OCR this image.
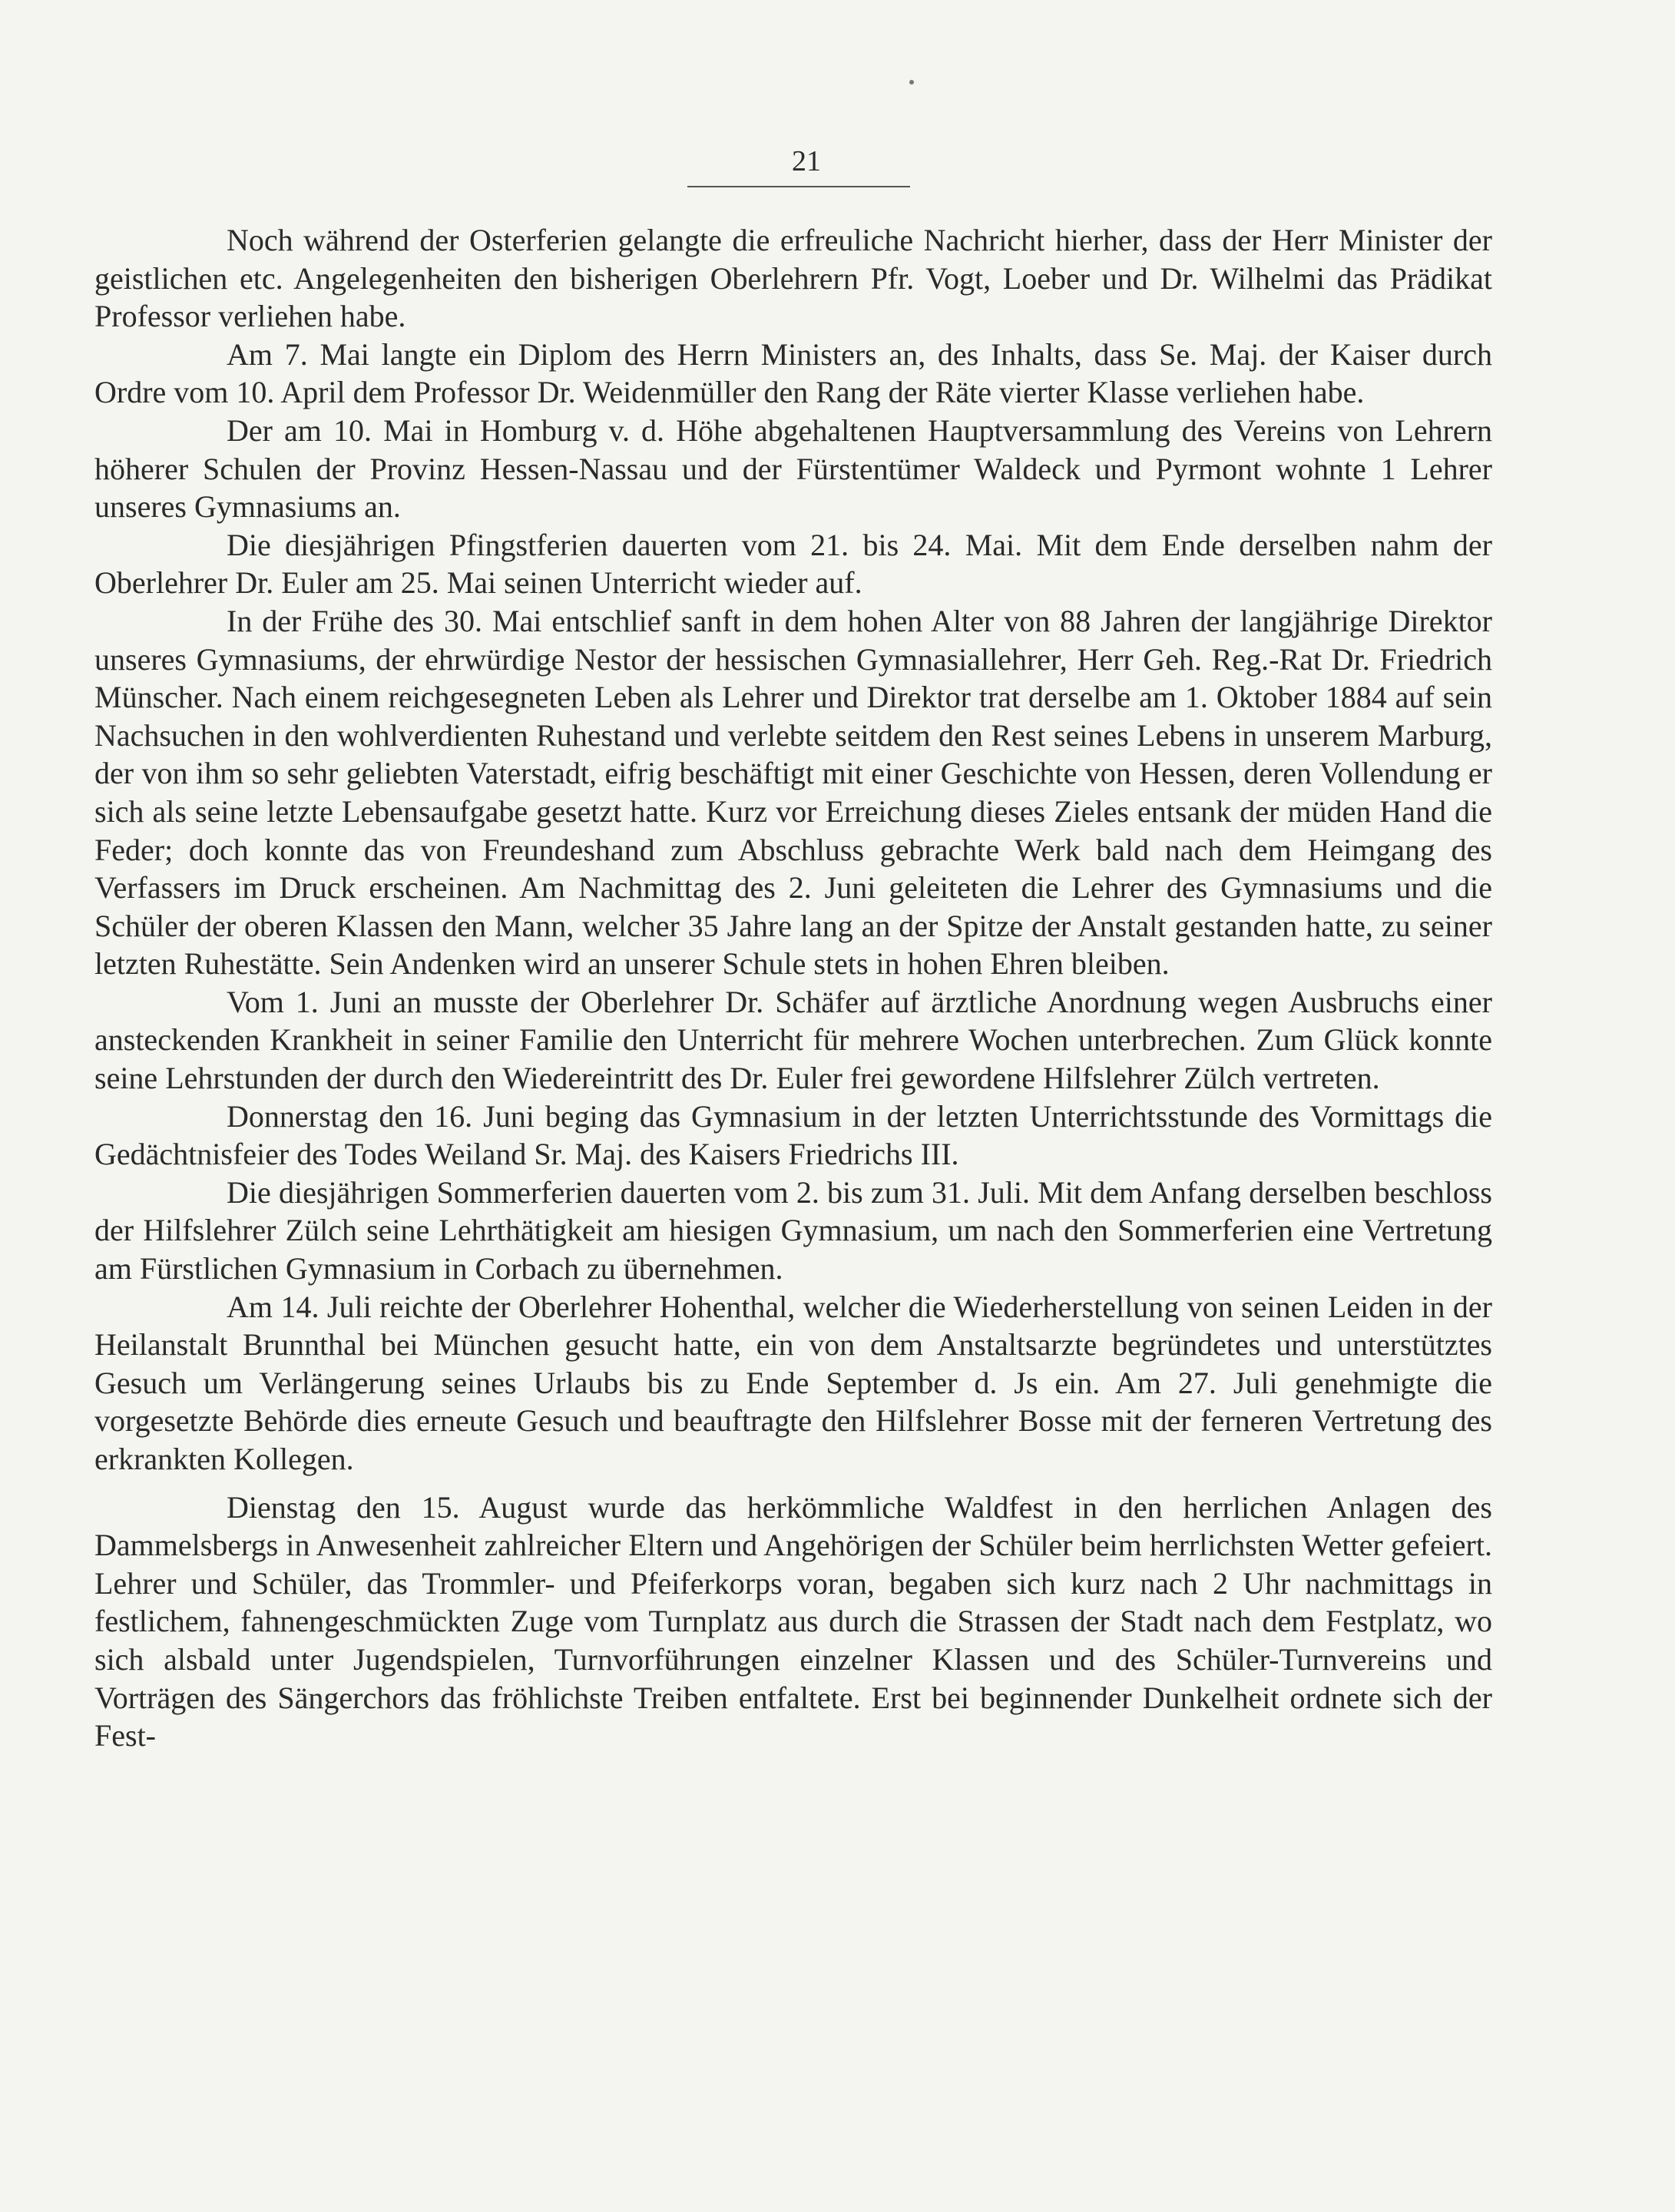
21

Noch während der Osterferien gelangte die erfreuliche Nachricht hierher, dass der Herr Minister der geistlichen etc. Angelegenheiten den bisherigen Oberlehrern Pfr. Vogt, Loeber und Dr. Wilhelmi das Prädikat Professor verliehen habe.

Am 7. Mai langte ein Diplom des Herrn Ministers an, des Inhalts, dass Se. Maj. der Kaiser durch Ordre vom 10. April dem Professor Dr. Weidenmüller den Rang der Räte vierter Klasse verliehen habe.

Der am 10. Mai in Homburg v. d. Höhe abgehaltenen Hauptversammlung des Vereins von Lehrern höherer Schulen der Provinz Hessen-Nassau und der Fürstentümer Waldeck und Pyrmont wohnte 1 Lehrer unseres Gymnasiums an.

Die diesjährigen Pfingstferien dauerten vom 21. bis 24. Mai. Mit dem Ende derselben nahm der Oberlehrer Dr. Euler am 25. Mai seinen Unterricht wieder auf.

In der Frühe des 30. Mai entschlief sanft in dem hohen Alter von 88 Jahren der langjährige Direktor unseres Gymnasiums, der ehrwürdige Nestor der hessischen Gymnasiallehrer, Herr Geh. Reg.-Rat Dr. Friedrich Münscher. Nach einem reichgesegneten Leben als Lehrer und Direktor trat derselbe am 1. Oktober 1884 auf sein Nachsuchen in den wohlverdienten Ruhestand und verlebte seitdem den Rest seines Lebens in unserem Marburg, der von ihm so sehr geliebten Vaterstadt, eifrig beschäftigt mit einer Geschichte von Hessen, deren Vollendung er sich als seine letzte Lebensaufgabe gesetzt hatte. Kurz vor Erreichung dieses Zieles entsank der müden Hand die Feder; doch konnte das von Freundeshand zum Abschluss gebrachte Werk bald nach dem Heimgang des Verfassers im Druck erscheinen. Am Nachmittag des 2. Juni geleiteten die Lehrer des Gymnasiums und die Schüler der oberen Klassen den Mann, welcher 35 Jahre lang an der Spitze der Anstalt gestanden hatte, zu seiner letzten Ruhestätte. Sein Andenken wird an unserer Schule stets in hohen Ehren bleiben.

Vom 1. Juni an musste der Oberlehrer Dr. Schäfer auf ärztliche Anordnung wegen Ausbruchs einer ansteckenden Krankheit in seiner Familie den Unterricht für mehrere Wochen unterbrechen. Zum Glück konnte seine Lehrstunden der durch den Wiedereintritt des Dr. Euler frei gewordene Hilfslehrer Zülch vertreten.

Donnerstag den 16. Juni beging das Gymnasium in der letzten Unterrichtsstunde des Vormittags die Gedächtnisfeier des Todes Weiland Sr. Maj. des Kaisers Friedrichs III.

Die diesjährigen Sommerferien dauerten vom 2. bis zum 31. Juli. Mit dem Anfang derselben beschloss der Hilfslehrer Zülch seine Lehrthätigkeit am hiesigen Gymnasium, um nach den Sommerferien eine Vertretung am Fürstlichen Gymnasium in Corbach zu übernehmen.

Am 14. Juli reichte der Oberlehrer Hohenthal, welcher die Wiederherstellung von seinen Leiden in der Heilanstalt Brunnthal bei München gesucht hatte, ein von dem Anstaltsarzte begründetes und unterstütztes Gesuch um Verlängerung seines Urlaubs bis zu Ende September d. Js ein. Am 27. Juli genehmigte die vorgesetzte Behörde dies erneute Gesuch und beauftragte den Hilfslehrer Bosse mit der ferneren Vertretung des erkrankten Kollegen.

Dienstag den 15. August wurde das herkömmliche Waldfest in den herrlichen Anlagen des Dammelsbergs in Anwesenheit zahlreicher Eltern und Angehörigen der Schüler beim herrlichsten Wetter gefeiert. Lehrer und Schüler, das Trommler- und Pfeiferkorps voran, begaben sich kurz nach 2 Uhr nachmittags in festlichem, fahnengeschmückten Zuge vom Turnplatz aus durch die Strassen der Stadt nach dem Festplatz, wo sich alsbald unter Jugendspielen, Turnvorführungen einzelner Klassen und des Schüler-Turnvereins und Vorträgen des Sängerchors das fröhlichste Treiben entfaltete. Erst bei beginnender Dunkelheit ordnete sich der Fest-
